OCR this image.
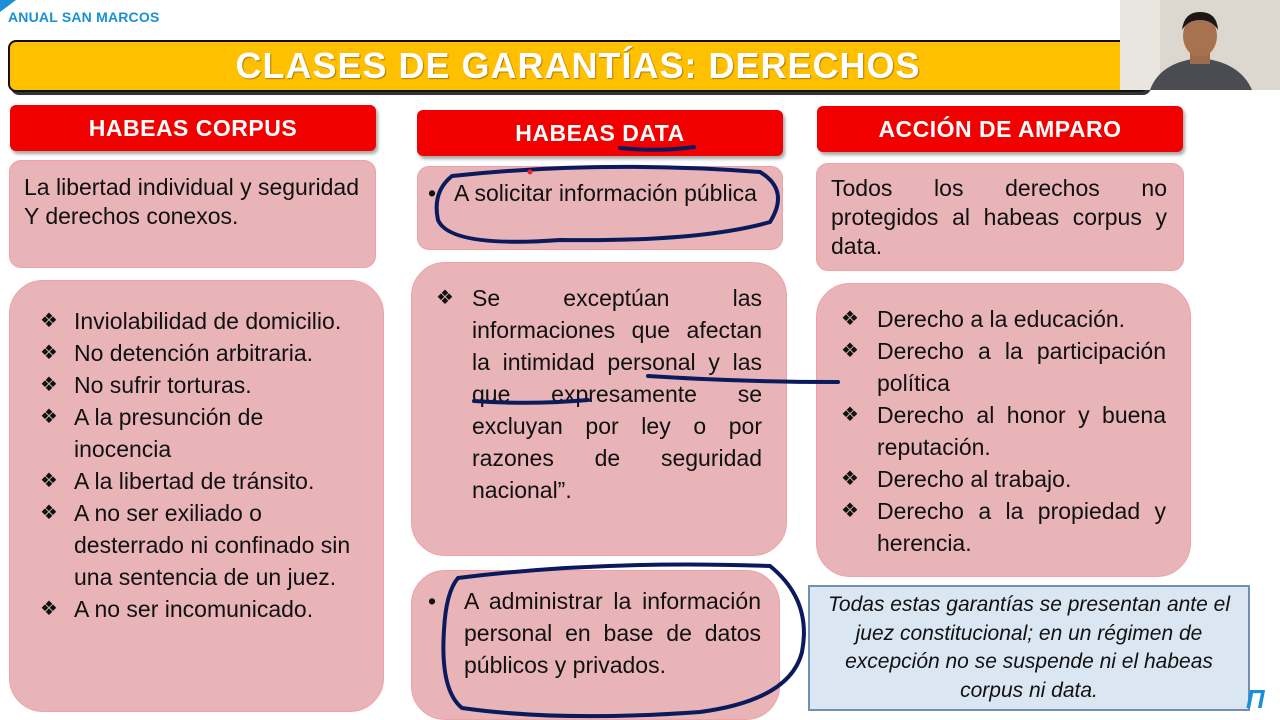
ANUAL SAN MARCOS
CLASES DE GARANTÍAS: DERECHOS
HABEAS CORPUS	HABEAS DATA	ACCIÓN DE AMPARO
La libertad individual y seguridad
Y derechos conexos.
❖ Inviolabilidad de domicilio.
❖ No detención arbitraria.
❖ No sufrir torturas.
❖ A la presunción de inocencia
❖ A la libertad de tránsito.
❖ A no ser exiliado o desterrado ni confinado sin una sentencia de un juez.
❖ A no ser incomunicado.
• A solicitar información pública
❖ Se exceptúan las informaciones que afectan la intimidad personal y las que expresamente se excluyan por ley o por razones de seguridad nacional”.
• A administrar la información personal en base de datos públicos y privados.
Todos los derechos no protegidos al habeas corpus y data.
❖ Derecho a la educación.
❖ Derecho a la participación política
❖ Derecho al honor y buena reputación.
❖ Derecho al trabajo.
❖ Derecho a la propiedad y herencia.
Todas estas garantías se presentan ante el juez constitucional; en un régimen de excepción no se suspende ni el habeas corpus ni data.	Π
